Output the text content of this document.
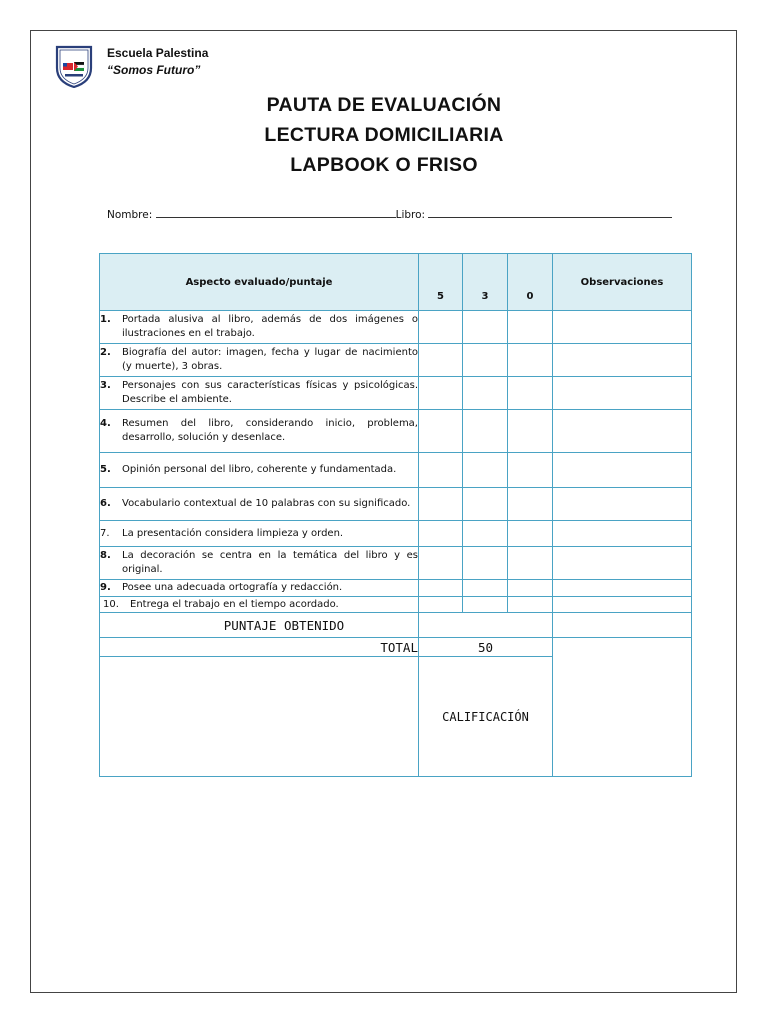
Escuela Palestina
“Somos Futuro”
PAUTA DE EVALUACIÓN
LECTURA DOMICILIARIA
LAPBOOK O FRISO
Nombre:	Libro:
Aspecto evaluado/puntaje	5	3	0	Observaciones

1. Portada alusiva al libro, además de dos imágenes o ilustraciones en el trabajo.				

2. Biografía del autor: imagen, fecha y lugar de nacimiento (y muerte), 3 obras.				

3. Personajes con sus características físicas y psicológicas. Describe el ambiente.				

4. Resumen del libro, considerando inicio, problema, desarrollo, solución y desenlace.				

5. Opinión personal del libro, coherente y fundamentada.				

6. Vocabulario contextual de 10 palabras con su significado.				

7. La presentación considera limpieza y orden.				

8. La decoración se centra en la temática del libro y es original.				

9. Posee una adecuada ortografía y redacción.				

10. Entrega el trabajo en el tiempo acordado.				

PUNTAJE OBTENIDO				
TOTAL	50			
	CALIFICACIÓN			
